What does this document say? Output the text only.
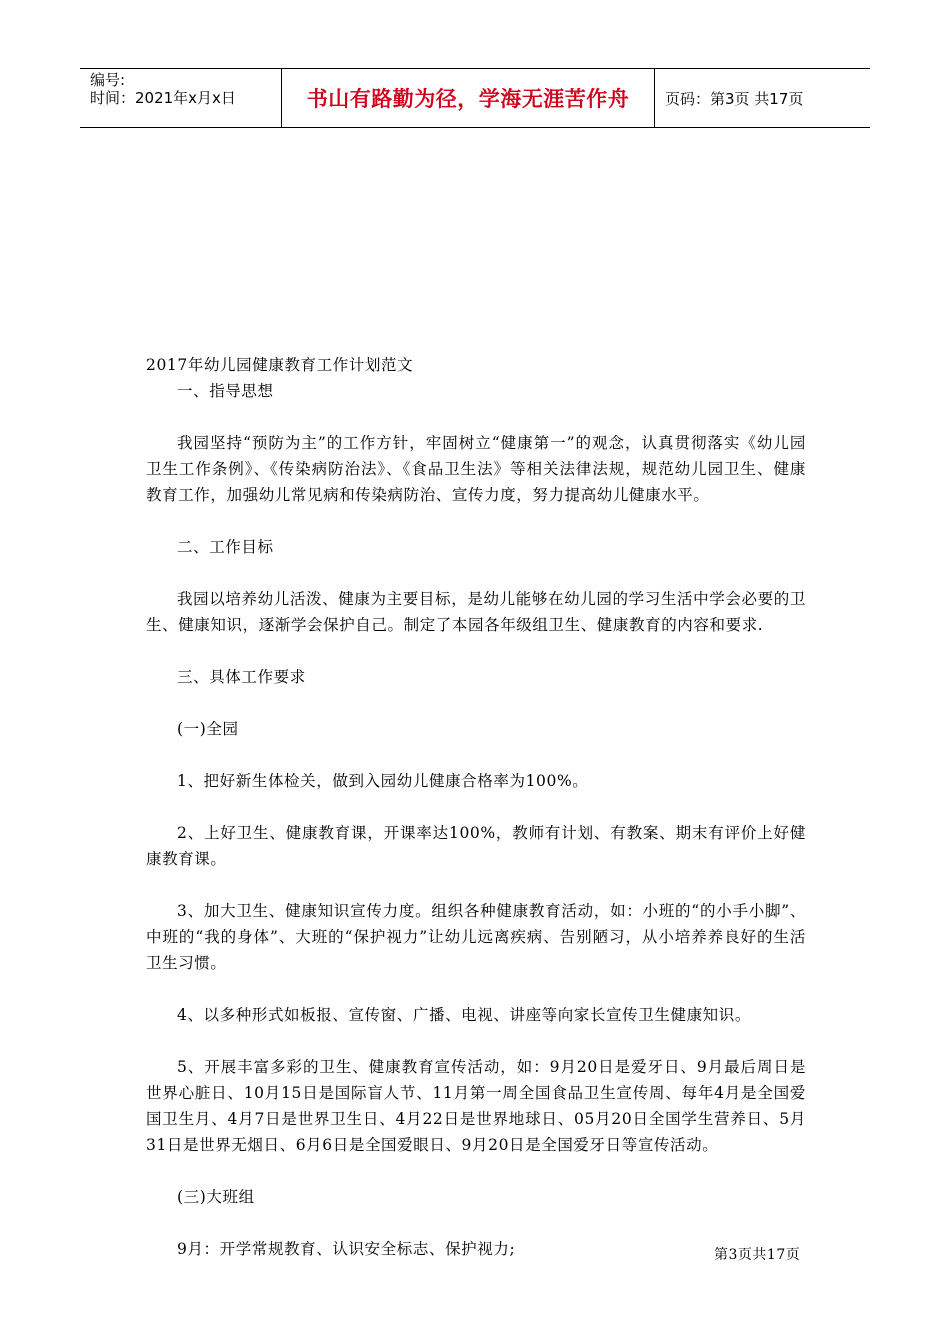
编号:
时间：2021年x月x日	书山有路勤为径，学海无涯苦作舟	页码：第3页 共17页
2017年幼儿园健康教育工作计划范文

一、指导思想

我园坚持“预防为主”的工作方针，牢固树立“健康第一”的观念，认真贯彻落实《幼儿园卫生工作条例》、《传染病防治法》、《食品卫生法》等相关法律法规，规范幼儿园卫生、健康教育工作，加强幼儿常见病和传染病防治、宣传力度，努力提高幼儿健康水平。

二、工作目标

我园以培养幼儿活泼、健康为主要目标，是幼儿能够在幼儿园的学习生活中学会必要的卫生、健康知识，逐渐学会保护自己。制定了本园各年级组卫生、健康教育的内容和要求.

三、具体工作要求

(一)全园

1、把好新生体检关，做到入园幼儿健康合格率为100%。

2、上好卫生、健康教育课，开课率达100%，教师有计划、有教案、期末有评价上好健康教育课。

3、加大卫生、健康知识宣传力度。组织各种健康教育活动，如：小班的“的小手小脚”、中班的“我的身体”、大班的“保护视力”让幼儿远离疾病、告别陋习，从小培养养良好的生活卫生习惯。

4、以多种形式如板报、宣传窗、广播、电视、讲座等向家长宣传卫生健康知识。

5、开展丰富多彩的卫生、健康教育宣传活动，如：9月20日是爱牙日、9月最后周日是世界心脏日、10月15日是国际盲人节、11月第一周全国食品卫生宣传周、每年4月是全国爱国卫生月、4月7日是世界卫生日、4月22日是世界地球日、05月20日全国学生营养日、5月31日是世界无烟日、6月6日是全国爱眼日、9月20日是全国爱牙日等宣传活动。

(三)大班组

9月：开学常规教育、认识安全标志、保护视力;	第3页共17页
